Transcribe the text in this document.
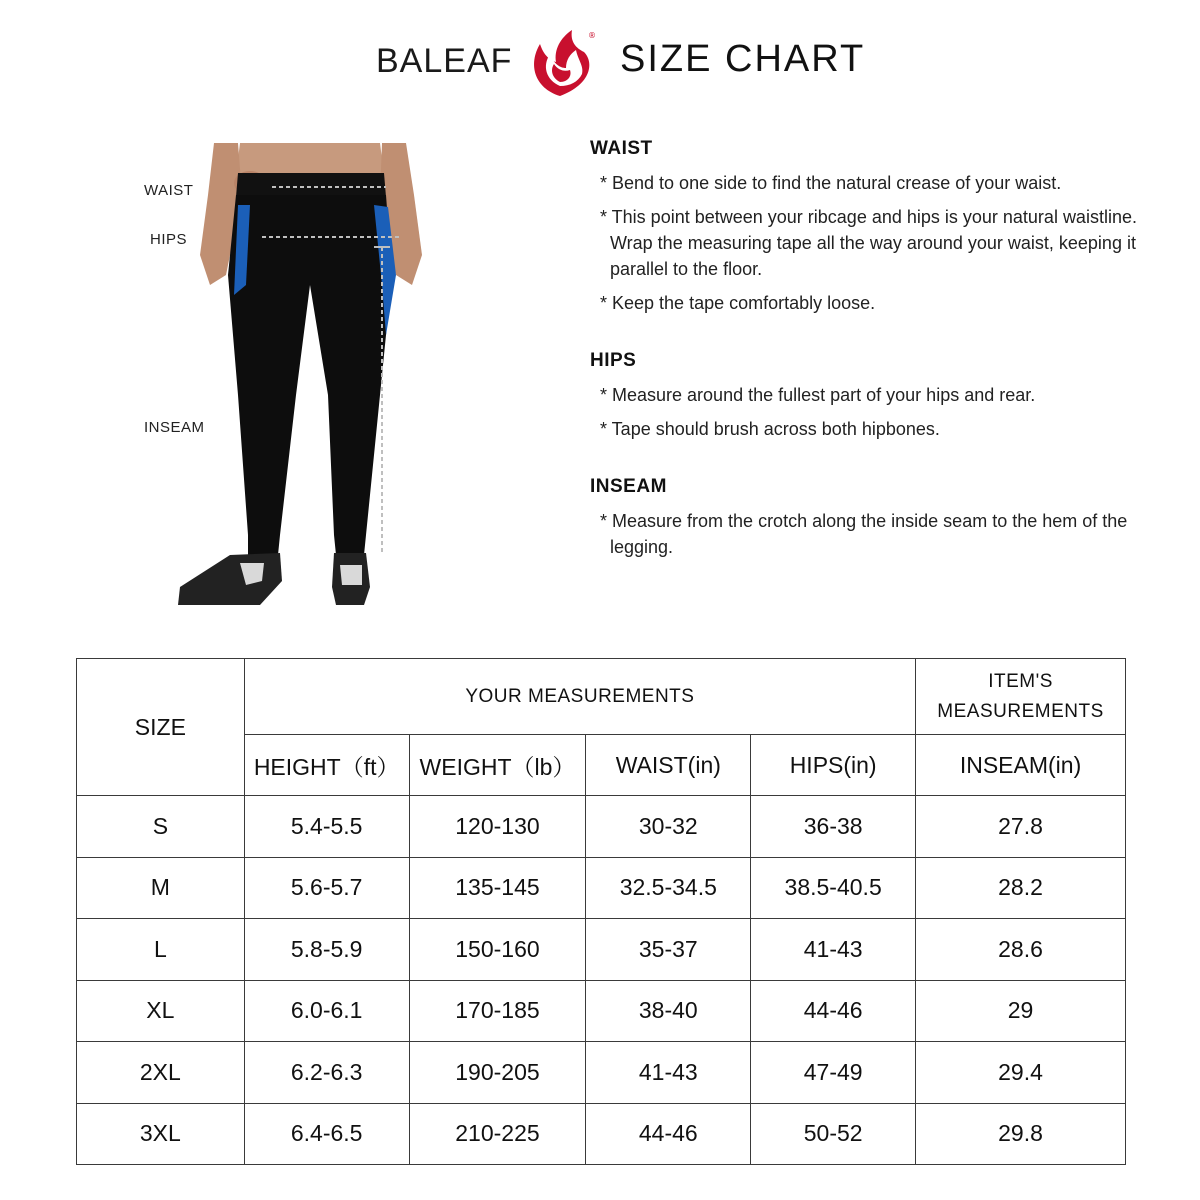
BALEAF
®
SIZE CHART
WAIST
HIPS
INSEAM
WAIST

* Bend to one side to find the natural crease of your waist.

* This point between your ribcage and hips is your natural waistline. Wrap the measuring tape all the way around your waist, keeping it parallel to the floor.

* Keep the tape comfortably loose.

HIPS

* Measure around the fullest part of your hips and rear.

* Tape should brush across both hipbones.

INSEAM

* Measure from the crotch along the inside seam to the hem of the legging.

SIZE	YOUR MEASUREMENTS				ITEM'S MEASUREMENTS
	HEIGHT（ft）	WEIGHT（lb）	WAIST(in)	HIPS(in)	INSEAM(in)
S	5.4-5.5	120-130	30-32	36-38	27.8
M	5.6-5.7	135-145	32.5-34.5	38.5-40.5	28.2
L	5.8-5.9	150-160	35-37	41-43	28.6
XL	6.0-6.1	170-185	38-40	44-46	29
2XL	6.2-6.3	190-205	41-43	47-49	29.4
3XL	6.4-6.5	210-225	44-46	50-52	29.8
